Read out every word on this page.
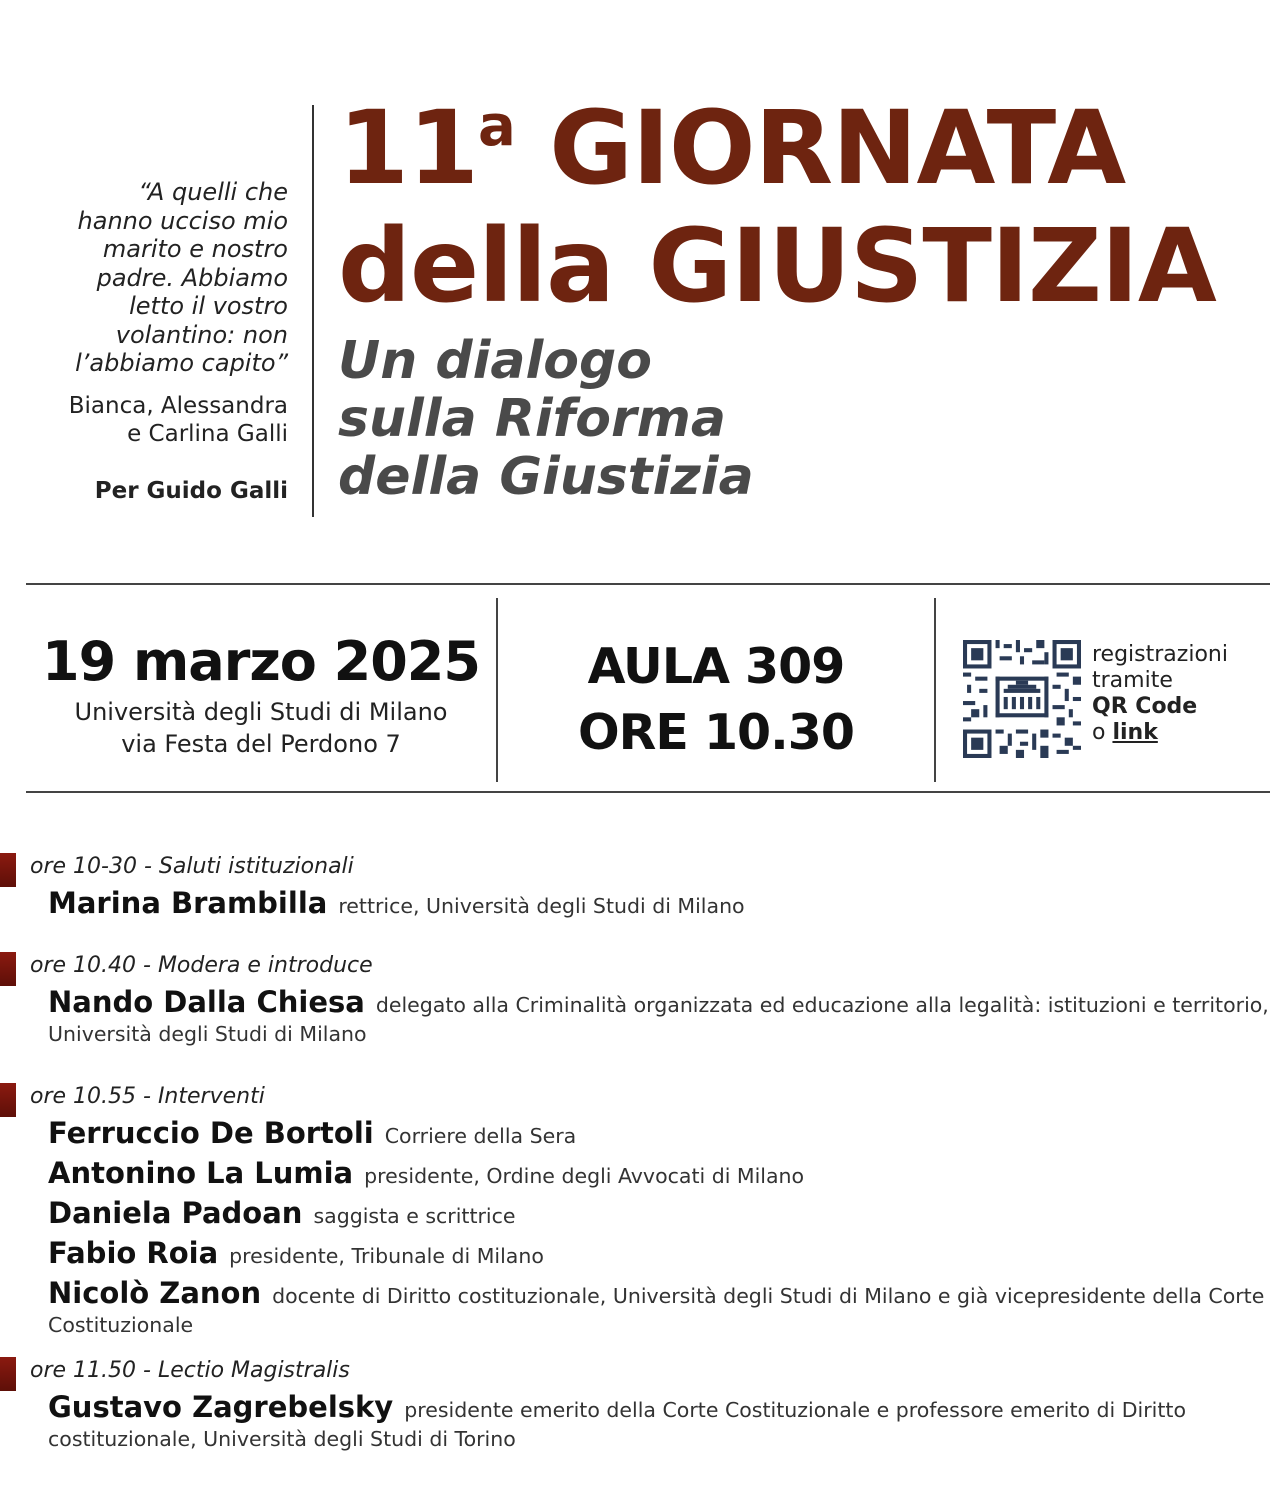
“A quelli che
hanno ucciso mio
marito e nostro
padre. Abbiamo
letto il vostro
volantino: non
l’abbiamo capito”
Bianca, Alessandra
e Carlina Galli
Per Guido Galli
11$^a$ GIORNATA
della GIUSTIZIA
Un dialogo
sulla Riforma
della Giustizia
19 marzo 2025
Università degli Studi di Milano
via Festa del Perdono 7
AULA 309
ORE 10.30
registrazioni
tramite
QR Code
o link
ore 10-30 - Saluti istituzionali
Marina Brambilla rettrice, Università degli Studi di Milano
ore 10.40 - Modera e introduce
Nando Dalla Chiesa delegato alla Criminalità organizzata ed educazione alla legalità: istituzioni e territorio, Università degli Studi di Milano
ore 10.55 - Interventi
Ferruccio De Bortoli Corriere della Sera
Antonino La Lumia presidente, Ordine degli Avvocati di Milano
Daniela Padoan saggista e scrittrice
Fabio Roia presidente, Tribunale di Milano
Nicolò Zanon docente di Diritto costituzionale, Università degli Studi di Milano e già vicepresidente della Corte Costituzionale
ore 11.50 - Lectio Magistralis
Gustavo Zagrebelsky presidente emerito della Corte Costituzionale e professore emerito di Diritto costituzionale, Università degli Studi di Torino
